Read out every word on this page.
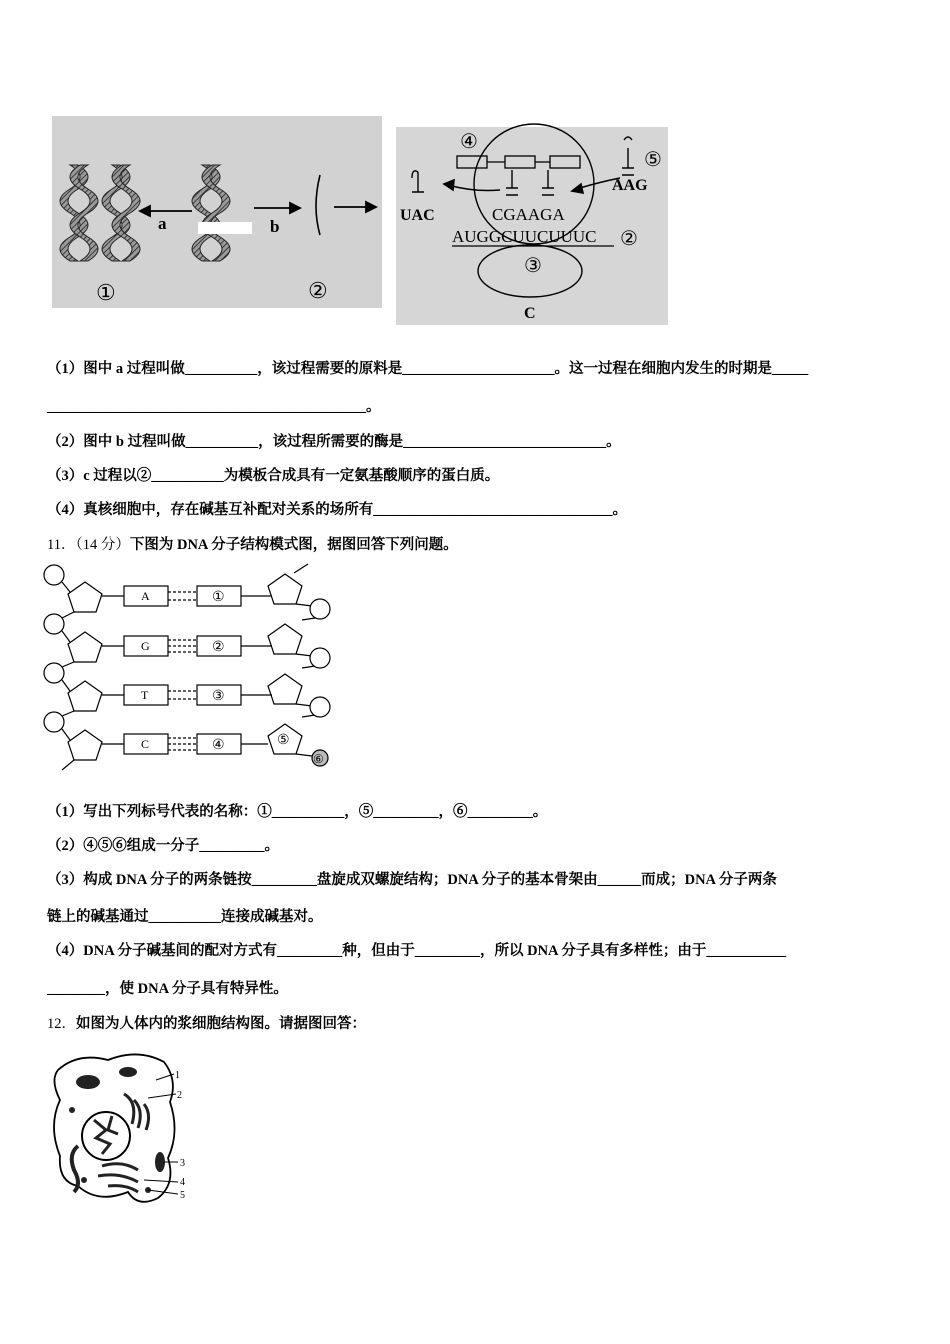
a	b
①	②
④
⑤
UAC
AAG
CGAAGA
AUGGCUUCUUUC ②
③
C
（1）图中 a 过程叫做__________，该过程需要的原料是_____________________。这一过程在细胞内发生的时期是_____
____________________________________________。
（2）图中 b 过程叫做__________，该过程所需要的酶是____________________________。
（3）c 过程以②__________为模板合成具有一定氨基酸顺序的蛋白质。
（4）真核细胞中，存在碱基互补配对关系的场所有_________________________________。
11．（14 分）下图为 DNA 分子结构模式图，据图回答下列问题。
A
G
T
C
①
②
③
④	⑤
⑥
（1）写出下列标号代表的名称：①__________，⑤_________，⑥_________。
（2）④⑤⑥组成一分子_________。
（3）构成 DNA 分子的两条链按_________盘旋成双螺旋结构；DNA 分子的基本骨架由______而成；DNA 分子两条
链上的碱基通过__________连接成碱基对。
（4）DNA 分子碱基间的配对方式有_________种，但由于_________，所以 DNA 分子具有多样性；由于___________
________，使 DNA 分子具有特异性。
12．如图为人体内的浆细胞结构图。请据图回答：
1
2
3
4
5
